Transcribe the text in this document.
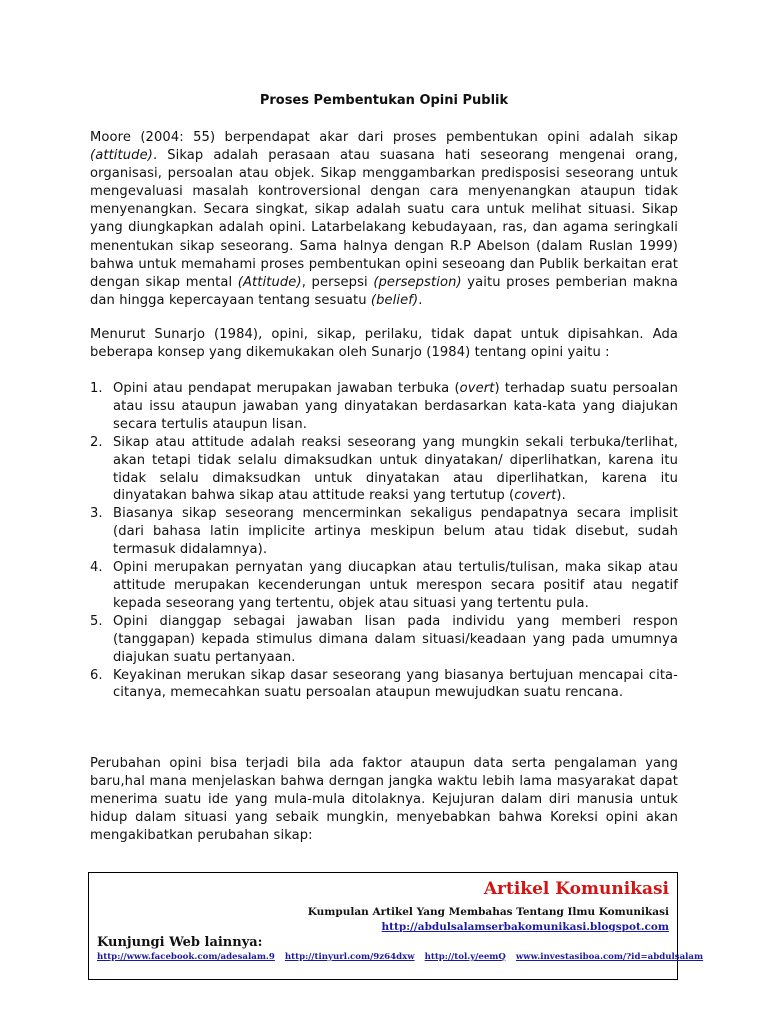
Proses Pembentukan Opini Publik

Moore (2004: 55) berpendapat akar dari proses pembentukan opini adalah sikap (attitude). Sikap adalah perasaan atau suasana hati seseorang mengenai orang, organisasi, persoalan atau objek. Sikap menggambarkan predisposisi seseorang untuk mengevaluasi masalah kontroversional dengan cara menyenangkan ataupun tidak menyenangkan. Secara singkat, sikap adalah suatu cara untuk melihat situasi. Sikap yang diungkapkan adalah opini. Latarbelakang kebudayaan, ras, dan agama seringkali menentukan sikap seseorang. Sama halnya dengan R.P Abelson (dalam Ruslan 1999) bahwa untuk memahami proses pembentukan opini seseoang dan Publik berkaitan erat dengan sikap mental (Attitude), persepsi (persepstion) yaitu proses pemberian makna dan hingga kepercayaan tentang sesuatu (belief).

Menurut Sunarjo (1984), opini, sikap, perilaku, tidak dapat untuk dipisahkan. Ada beberapa konsep yang dikemukakan oleh Sunarjo (1984) tentang opini yaitu :

1. Opini atau pendapat merupakan jawaban terbuka (overt) terhadap suatu persoalan atau issu ataupun jawaban yang dinyatakan berdasarkan kata-kata yang diajukan secara tertulis ataupun lisan.
2. Sikap atau attitude adalah reaksi seseorang yang mungkin sekali terbuka/terlihat, akan tetapi tidak selalu dimaksudkan untuk dinyatakan/ diperlihatkan, karena itu tidak selalu dimaksudkan untuk dinyatakan atau diperlihatkan, karena itu dinyatakan bahwa sikap atau attitude reaksi yang tertutup (covert).
3. Biasanya sikap seseorang mencerminkan sekaligus pendapatnya secara implisit (dari bahasa latin implicite artinya meskipun belum atau tidak disebut, sudah termasuk didalamnya).
4. Opini merupakan pernyatan yang diucapkan atau tertulis/tulisan, maka sikap atau attitude merupakan kecenderungan untuk merespon secara positif atau negatif kepada seseorang yang tertentu, objek atau situasi yang tertentu pula.
5. Opini dianggap sebagai jawaban lisan pada individu yang memberi respon (tanggapan) kepada stimulus dimana dalam situasi/keadaan yang pada umumnya diajukan suatu pertanyaan.
6. Keyakinan merukan sikap dasar seseorang yang biasanya bertujuan mencapai cita-citanya, memecahkan suatu persoalan ataupun mewujudkan suatu rencana.

Perubahan opini bisa terjadi bila ada faktor ataupun data serta pengalaman yang baru,hal mana menjelaskan bahwa derngan jangka waktu lebih lama masyarakat dapat menerima suatu ide yang mula-mula ditolaknya. Kejujuran dalam diri manusia untuk hidup dalam situasi yang sebaik mungkin, menyebabkan bahwa Koreksi opini akan mengakibatkan perubahan sikap:

Artikel Komunikasi

Kumpulan Artikel Yang Membahas Tentang Ilmu Komunikasi

http://abdulsalamserbakomunikasi.blogspot.com

Kunjungi Web lainnya:

http://www.facebook.com/adesalam.9 http://tinyurl.com/9z64dxw http://tol.y/eemQ www.investasiboa.com/?id=abdulsalam
